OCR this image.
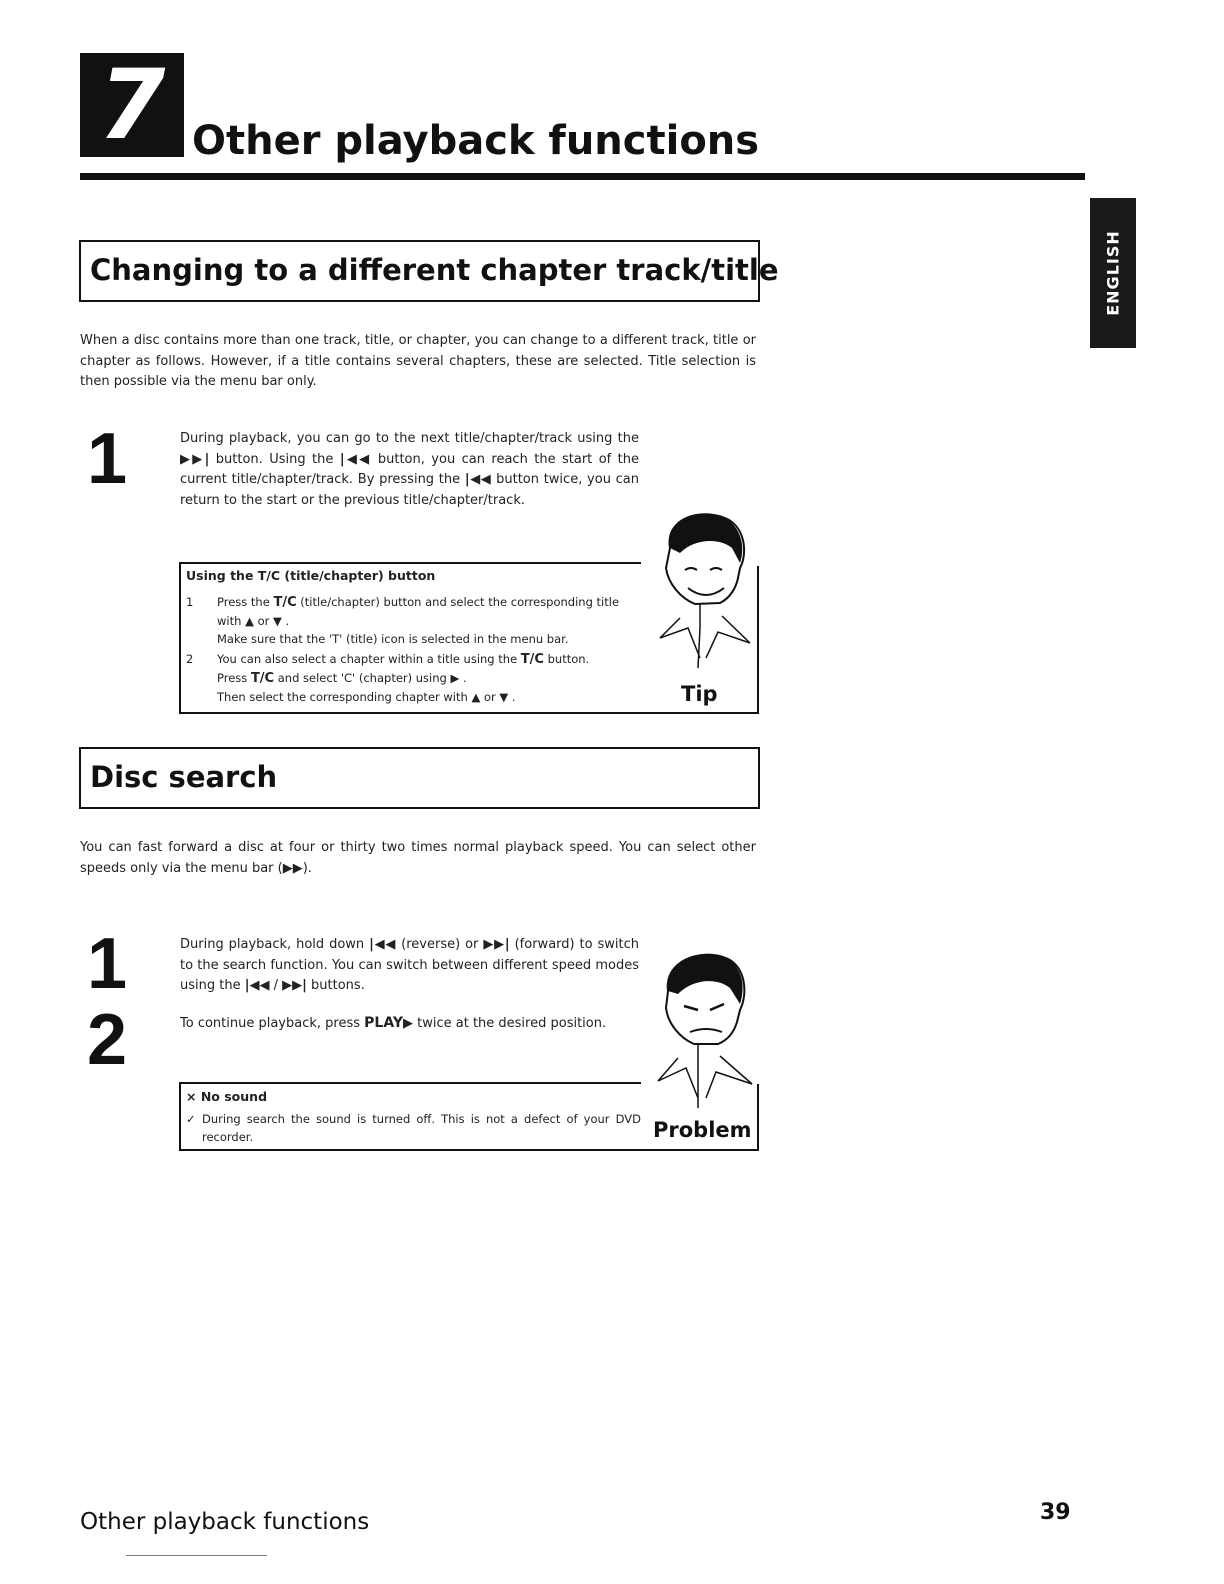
7 Other playback functions
ENGLISH
Changing to a different chapter track/title
When a disc contains more than one track, title, or chapter, you can change to a different track, title or chapter as follows. However, if a title contains several chapters, these are selected. Title selection is then possible via the menu bar only.
1	During playback, you can go to the next title/chapter/track using the ▶▶| button. Using the |◀◀ button, you can reach the start of the current title/chapter/track. By pressing the |◀◀ button twice, you can return to the start or the previous title/chapter/track.
Tip
Using the T/C (title/chapter) button
1 Press the T/C (title/chapter) button and select the corresponding title with ▲ or ▼ .
Make sure that the 'T' (title) icon is selected in the menu bar.
2 You can also select a chapter within a title using the T/C button.
Press T/C and select 'C' (chapter) using ▶ .
Then select the corresponding chapter with ▲ or ▼ .
Disc search
You can fast forward a disc at four or thirty two times normal playback speed. You can select other speeds only via the menu bar (▶▶).
1	During playback, hold down |◀◀ (reverse) or ▶▶| (forward) to switch to the search function. You can switch between different speed modes using the |◀◀ / ▶▶| buttons.
2	To continue playback, press PLAY▶ twice at the desired position.
Problem
× No sound
✓ During search the sound is turned off. This is not a defect of your DVD recorder.
Other playback functions	39
